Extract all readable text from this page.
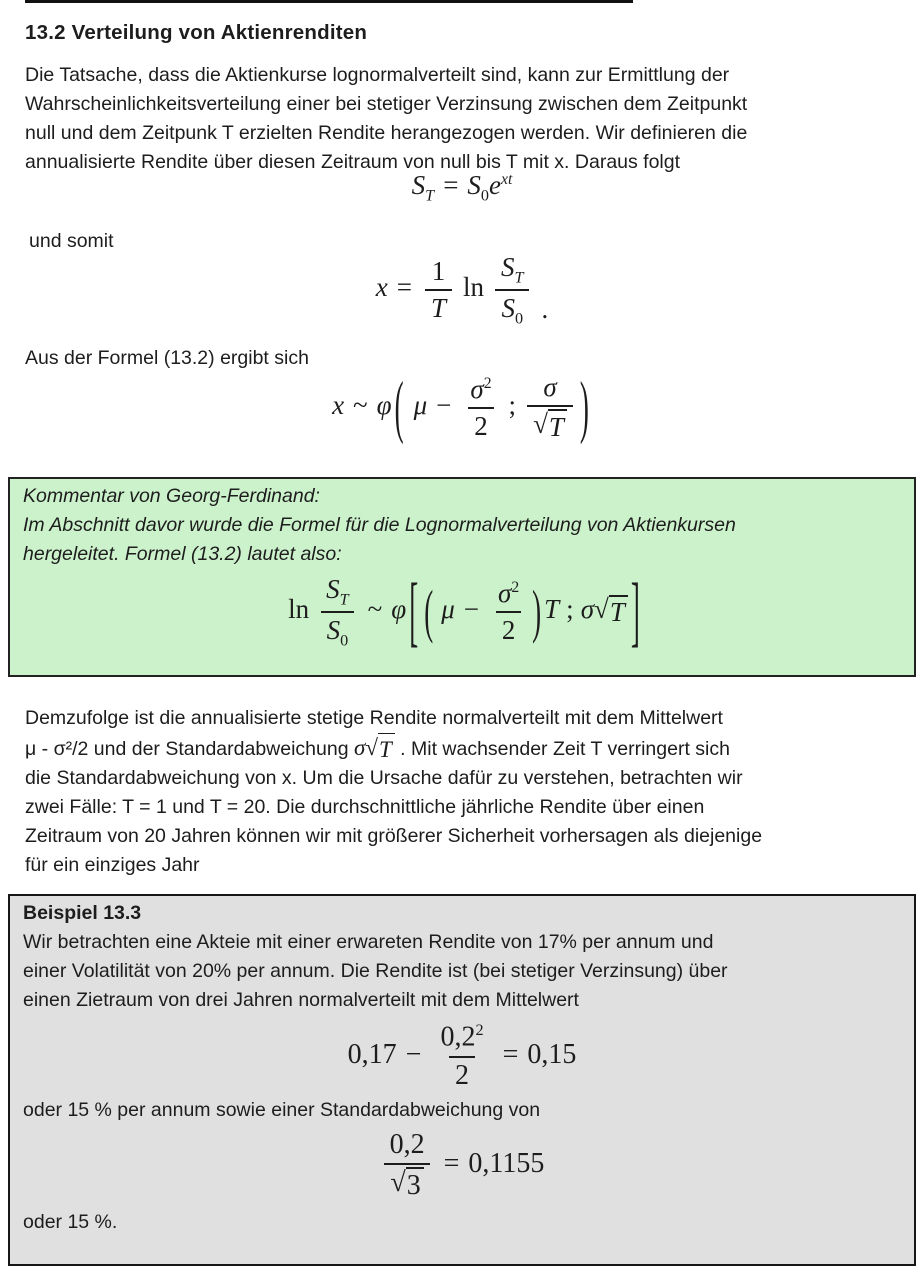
13.2 Verteilung von Aktienrenditen
Die Tatsache, dass die Aktienkurse lognormalverteilt sind, kann zur Ermittlung der
Wahrscheinlichkeitsverteilung einer bei stetiger Verzinsung zwischen dem Zeitpunkt
null und dem Zeitpunk T erzielten Rendite herangezogen werden. Wir definieren die
annualisierte Rendite über diesen Zeitraum von null bis T mit x. Daraus folgt
$S_T = S_0e^{xt}$
und somit
$x = \frac{1}{T}$ $\ln \frac{S_T}{S_0}$ .
Aus der Formel (13.2) ergibt sich
x ~ φ ( $\mu - \frac{\sigma^2}{2}$ ; $\frac{\sigma}{√ T}$ )
Kommentar von Georg-Ferdinand:
Im Abschnitt davor wurde die Formel für die Lognormalverteilung von Aktienkursen
hergeleitet. Formel (13.2) lautet also:
$\ln \frac{S_T}{S_0}$ ~ φ [ ( $\mu - \frac{\sigma^2}{2}$ ) T ; σ √ T ]
Demzufolge ist die annualisierte stetige Rendite normalverteilt mit dem Mittelwert
μ - σ²/2 und der Standardabweichung σ √ T . Mit wachsender Zeit T verringert sich
die Standardabweichung von x. Um die Ursache dafür zu verstehen, betrachten wir
zwei Fälle: T = 1 und T = 20. Die durchschnittliche jährliche Rendite über einen
Zeitraum von 20 Jahren können wir mit größerer Sicherheit vorhersagen als diejenige
für ein einziges Jahr
Beispiel 13.3
Wir betrachten eine Akteie mit einer erwareten Rendite von 17% per annum und
einer Volatilität von 20% per annum. Die Rendite ist (bei stetiger Verzinsung) über
einen Zietraum von drei Jahren normalverteilt mit dem Mittelwert
$0,17 - \frac{0,2^2}{2} = 0,15$
oder 15 % per annum sowie einer Standardabweichung von
$\frac{0,2}{√ 3} = 0,1155$
oder 15 %.
